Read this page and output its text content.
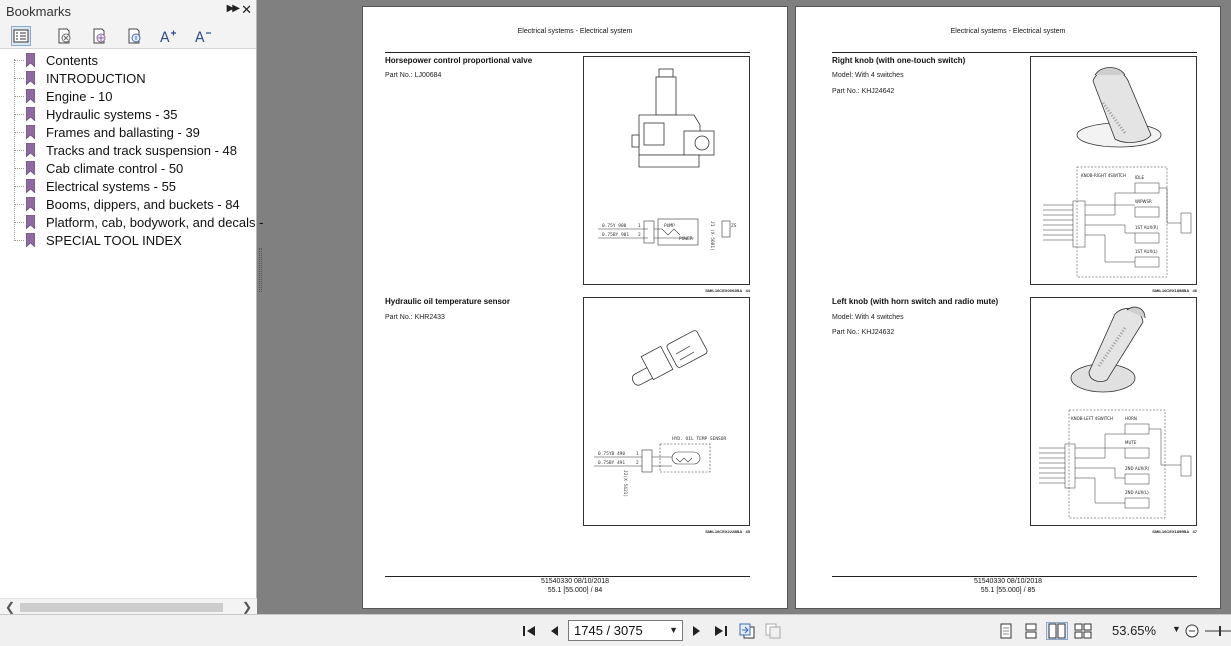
Bookmarks	▶▶ ✕
A A
❮	❯
Contents
INTRODUCTION
Engine - 10
Hydraulic systems - 35
Frames and ballasting - 39
Tracks and track suspension - 48
Cab climate control - 50
Electrical systems - 55
Booms, dippers, and buckets - 84
Platform, cab, bodywork, and decals -
SPECIAL TOOL INDEX
Electrical systems - Electrical system
Horsepower control proportional valve
Part No.: LJ00684
0.75Y 900
0.75BY 901
1
2
PUMP
POWER	J1 (X-5601)	ZS
SMIL16CEX0002BA 44
Hydraulic oil temperature sensor
Part No.: KHR2433
HYD. OIL TEMP SENSOR
0.75YB 490
0.75BY 491
1
2
J2(X-5421)
SMIL16CEX2228BA 45
51540330 08/10/2018
55.1 [55.000] / 84
Electrical systems - Electrical system
Right knob (with one-touch switch)
Model: With 4 switches
Part No.: KHJ24642
KNOB-RIGHT 4SWITCH IDLE
WIPWSR
1ST AUX(R)
1ST AUX(L)
SMIL16CEX1898BA 46
Left knob (with horn switch and radio mute)
Model: With 4 switches
Part No.: KHJ24632
KNOB-LEFT 4SWITCH	HORN
MUTE
2ND AUX(R)
2ND AUX(L)
SMIL16CEX1899BA 47
51540330 08/10/2018
55.1 [55.000] / 85
1745 / 3075	▼	53.65% ▼
